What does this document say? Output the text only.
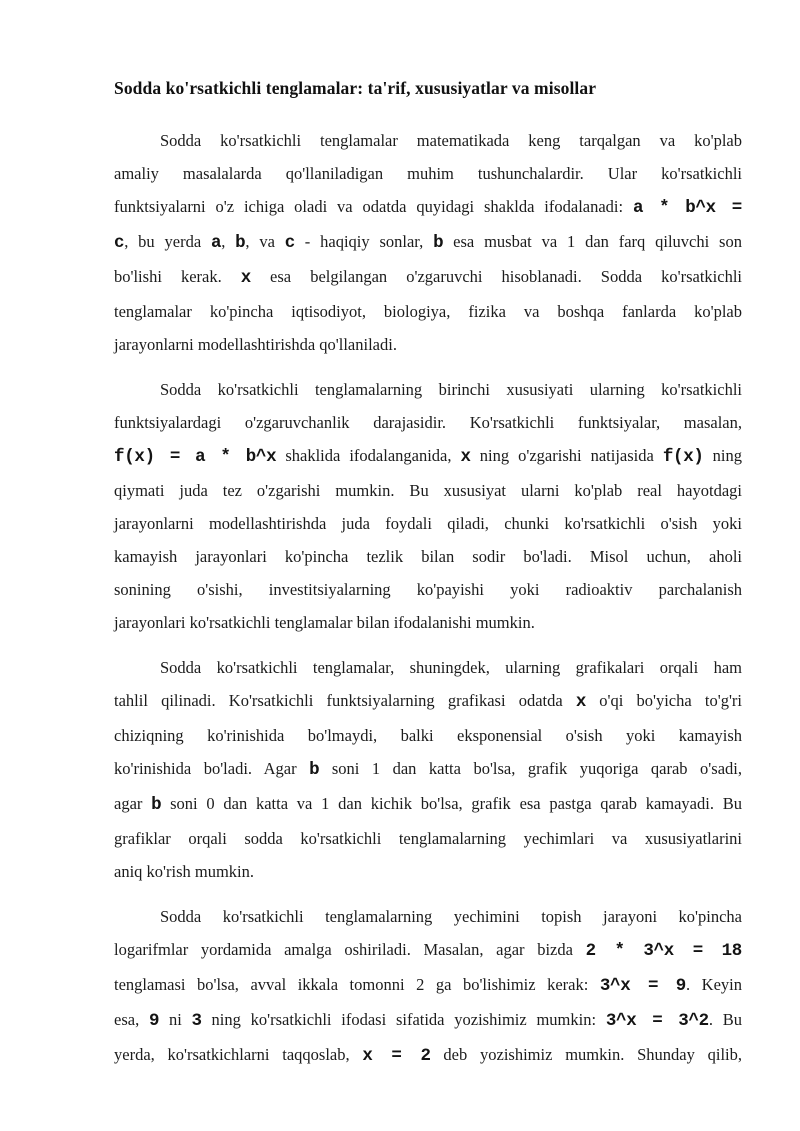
Sodda ko'rsatkichli tenglamalar: ta'rif, xususiyatlar va misollar
Sodda ko'rsatkichli tenglamalar matematikada keng tarqalgan va ko'plab
amaliy masalalarda qo'llaniladigan muhim tushunchalardir. Ular ko'rsatkichli
funktsiyalarni o'z ichiga oladi va odatda quyidagi shaklda ifodalanadi: a * b^x =
c, bu yerda a, b, va c - haqiqiy sonlar, b esa musbat va 1 dan farq qiluvchi son
bo'lishi kerak. x esa belgilangan o'zgaruvchi hisoblanadi. Sodda ko'rsatkichli
tenglamalar ko'pincha iqtisodiyot, biologiya, fizika va boshqa fanlarda ko'plab
jarayonlarni modellashtirishda qo'llaniladi.
Sodda ko'rsatkichli tenglamalarning birinchi xususiyati ularning ko'rsatkichli
funktsiyalardagi o'zgaruvchanlik darajasidir. Ko'rsatkichli funktsiyalar, masalan,
f(x) = a * b^x shaklida ifodalanganida, x ning o'zgarishi natijasida f(x) ning
qiymati juda tez o'zgarishi mumkin. Bu xususiyat ularni ko'plab real hayotdagi
jarayonlarni modellashtirishda juda foydali qiladi, chunki ko'rsatkichli o'sish yoki
kamayish jarayonlari ko'pincha tezlik bilan sodir bo'ladi. Misol uchun, aholi
sonining o'sishi, investitsiyalarning ko'payishi yoki radioaktiv parchalanish
jarayonlari ko'rsatkichli tenglamalar bilan ifodalanishi mumkin.
Sodda ko'rsatkichli tenglamalar, shuningdek, ularning grafikalari orqali ham
tahlil qilinadi. Ko'rsatkichli funktsiyalarning grafikasi odatda x o'qi bo'yicha to'g'ri
chiziqning ko'rinishida bo'lmaydi, balki eksponensial o'sish yoki kamayish
ko'rinishida bo'ladi. Agar b soni 1 dan katta bo'lsa, grafik yuqoriga qarab o'sadi,
agar b soni 0 dan katta va 1 dan kichik bo'lsa, grafik esa pastga qarab kamayadi. Bu
grafiklar orqali sodda ko'rsatkichli tenglamalarning yechimlari va xususiyatlarini
aniq ko'rish mumkin.
Sodda ko'rsatkichli tenglamalarning yechimini topish jarayoni ko'pincha
logarifmlar yordamida amalga oshiriladi. Masalan, agar bizda 2 * 3^x = 18
tenglamasi bo'lsa, avval ikkala tomonni 2 ga bo'lishimiz kerak: 3^x = 9. Keyin
esa, 9 ni 3 ning ko'rsatkichli ifodasi sifatida yozishimiz mumkin: 3^x = 3^2. Bu
yerda, ko'rsatkichlarni taqqoslab, x = 2 deb yozishimiz mumkin. Shunday qilib,
